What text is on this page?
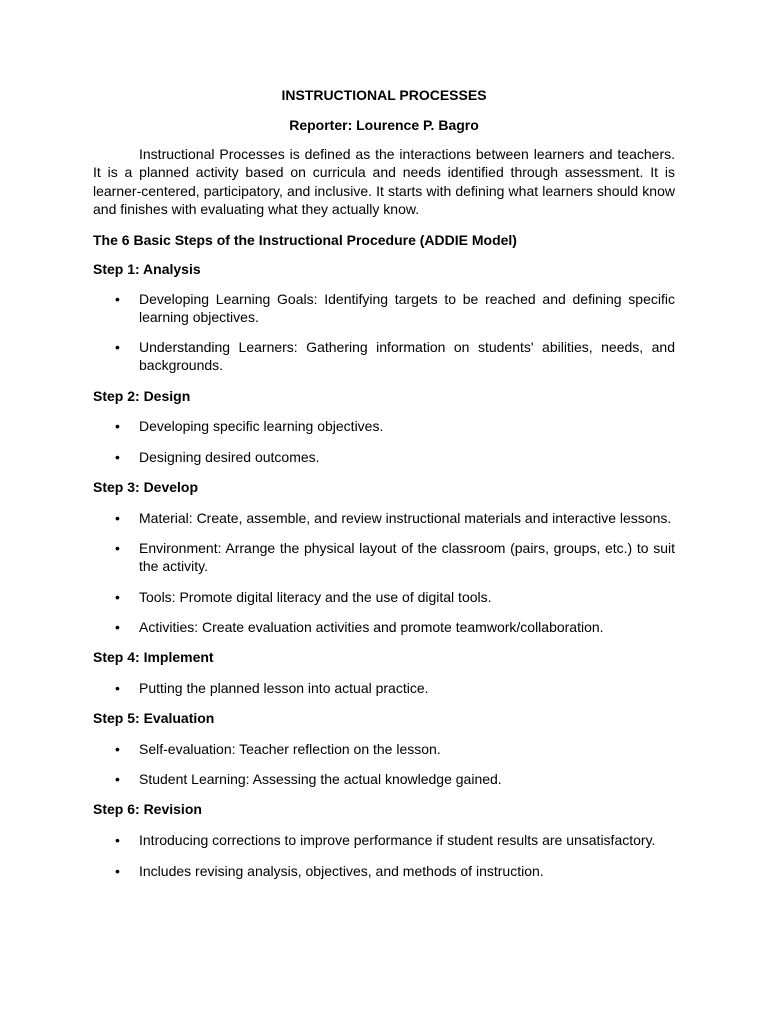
INSTRUCTIONAL PROCESSES
Reporter: Lourence P. Bagro

Instructional Processes is defined as the interactions between learners and teachers. It is a planned activity based on curricula and needs identified through assessment. It is learner-centered, participatory, and inclusive. It starts with defining what learners should know and finishes with evaluating what they actually know.

The 6 Basic Steps of the Instructional Procedure (ADDIE Model)
Step 1: Analysis
• Developing Learning Goals: Identifying targets to be reached and defining specific learning objectives.
• Understanding Learners: Gathering information on students' abilities, needs, and backgrounds.
Step 2: Design
• Developing specific learning objectives.
• Designing desired outcomes.
Step 3: Develop
• Material: Create, assemble, and review instructional materials and interactive lessons.
• Environment: Arrange the physical layout of the classroom (pairs, groups, etc.) to suit the activity.
• Tools: Promote digital literacy and the use of digital tools.
• Activities: Create evaluation activities and promote teamwork/collaboration.
Step 4: Implement
• Putting the planned lesson into actual practice.
Step 5: Evaluation
• Self-evaluation: Teacher reflection on the lesson.
• Student Learning: Assessing the actual knowledge gained.
Step 6: Revision
• Introducing corrections to improve performance if student results are unsatisfactory.
• Includes revising analysis, objectives, and methods of instruction.
